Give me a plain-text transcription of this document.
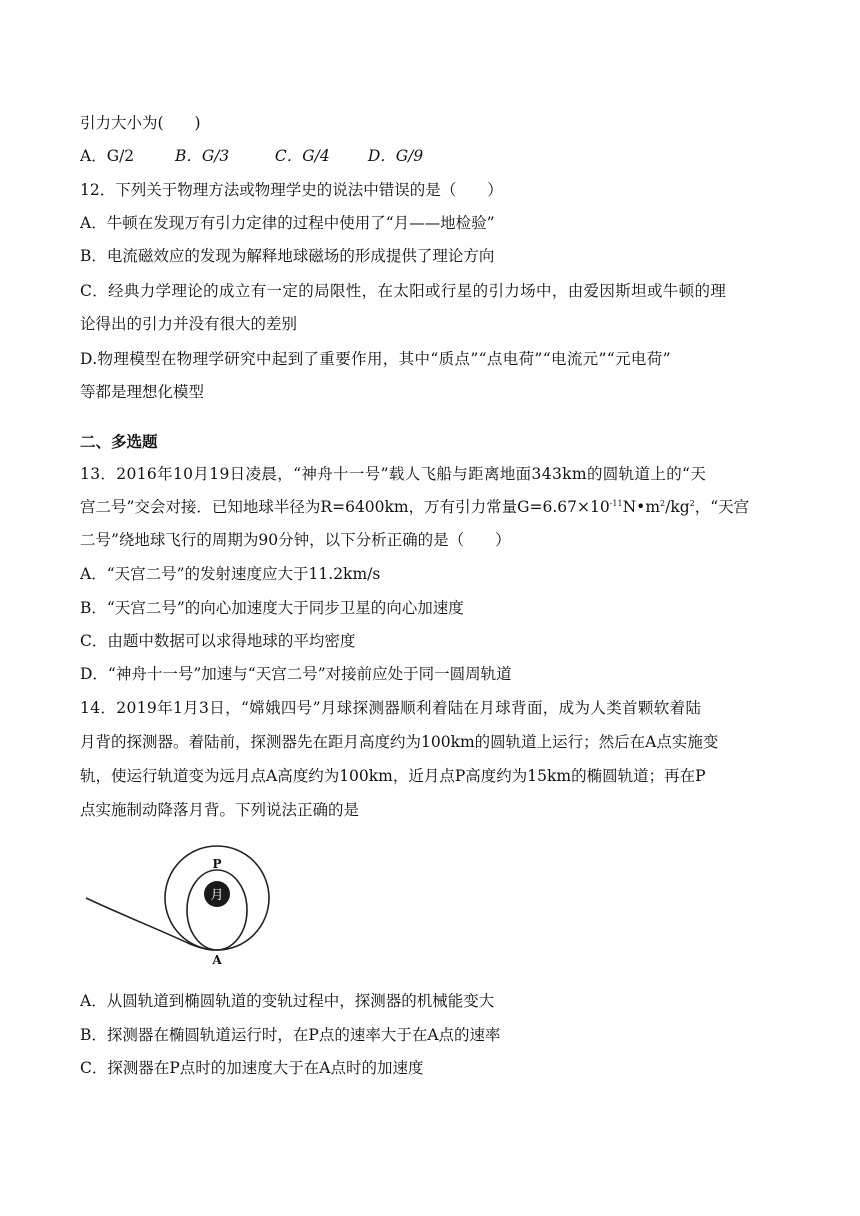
引力大小为(　　)
A．G/2	B．G/3	C．G/4 D．G/9
12．下列关于物理方法或物理学史的说法中错误的是（　　）
A．牛顿在发现万有引力定律的过程中使用了“月——地检验”
B．电流磁效应的发现为解释地球磁场的形成提供了理论方向
C．经典力学理论的成立有一定的局限性，在太阳或行星的引力场中，由爱因斯坦或牛顿的理
论得出的引力并没有很大的差别
D.物理模型在物理学研究中起到了重要作用，其中“质点”“点电荷”“电流元”“元电荷”
等都是理想化模型
二、多选题
13．2016年10月19日凌晨，“神舟十一号”载人飞船与距离地面343km的圆轨道上的“天
宫二号”交会对接．已知地球半径为R=6400km，万有引力常量$G=6.67\times 10^{-11}N•m^2/kg^2$，“天宫
二号”绕地球飞行的周期为90分钟，以下分析正确的是（　　）
A．“天宫二号”的发射速度应大于11.2km/s
B．“天宫二号”的向心加速度大于同步卫星的向心加速度
C．由题中数据可以求得地球的平均密度
D．“神舟十一号”加速与“天宫二号”对接前应处于同一圆周轨道
14．2019年1月3日，“嫦娥四号”月球探测器顺利着陆在月球背面，成为人类首颗软着陆
月背的探测器。着陆前，探测器先在距月高度约为100km的圆轨道上运行；然后在A点实施变
轨，使运行轨道变为远月点A高度约为100km，近月点P高度约为15km的椭圆轨道；再在P
点实施制动降落月背。下列说法正确的是
月
P
A
A．从圆轨道到椭圆轨道的变轨过程中，探测器的机械能变大
B．探测器在椭圆轨道运行时，在P点的速率大于在A点的速率
C．探测器在P点时的加速度大于在A点时的加速度
